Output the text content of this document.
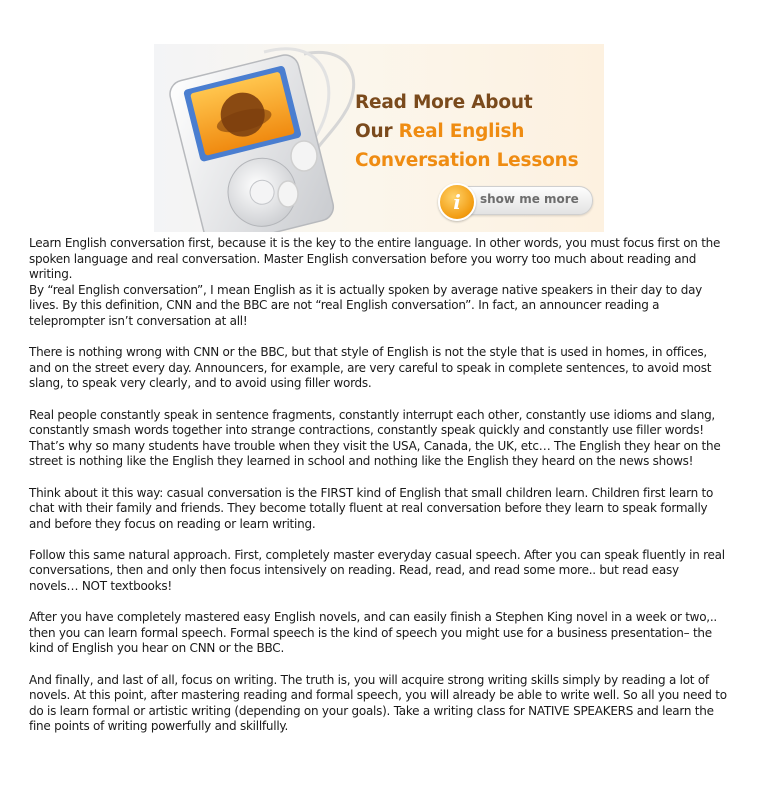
Read More About
Our Real English
Conversation Lessons
i	show me more

Learn English conversation first, because it is the key to the entire language. In other words, you must focus first on the spoken language and real conversation. Master English conversation before you worry too much about reading and writing.

By “real English conversation”, I mean English as it is actually spoken by average native speakers in their day to day lives. By this definition, CNN and the BBC are not “real English conversation”. In fact, an announcer reading a teleprompter isn’t conversation at all!

There is nothing wrong with CNN or the BBC, but that style of English is not the style that is used in homes, in offices, and on the street every day. Announcers, for example, are very careful to speak in complete sentences, to avoid most slang, to speak very clearly, and to avoid using filler words.

Real people constantly speak in sentence fragments, constantly interrupt each other, constantly use idioms and slang, constantly smash words together into strange contractions, constantly speak quickly and constantly use filler words! That’s why so many students have trouble when they visit the USA, Canada, the UK, etc… The English they hear on the street is nothing like the English they learned in school and nothing like the English they heard on the news shows!

Think about it this way: casual conversation is the FIRST kind of English that small children learn. Children first learn to chat with their family and friends. They become totally fluent at real conversation before they learn to speak formally and before they focus on reading or learn writing.

Follow this same natural approach. First, completely master everyday casual speech. After you can speak fluently in real conversations, then and only then focus intensively on reading. Read, read, and read some more.. but read easy novels… NOT textbooks!

After you have completely mastered easy English novels, and can easily finish a Stephen King novel in a week or two,.. then you can learn formal speech. Formal speech is the kind of speech you might use for a business presentation– the kind of English you hear on CNN or the BBC.

And finally, and last of all, focus on writing. The truth is, you will acquire strong writing skills simply by reading a lot of novels. At this point, after mastering reading and formal speech, you will already be able to write well. So all you need to do is learn formal or artistic writing (depending on your goals). Take a writing class for NATIVE SPEAKERS and learn the fine points of writing powerfully and skillfully.
